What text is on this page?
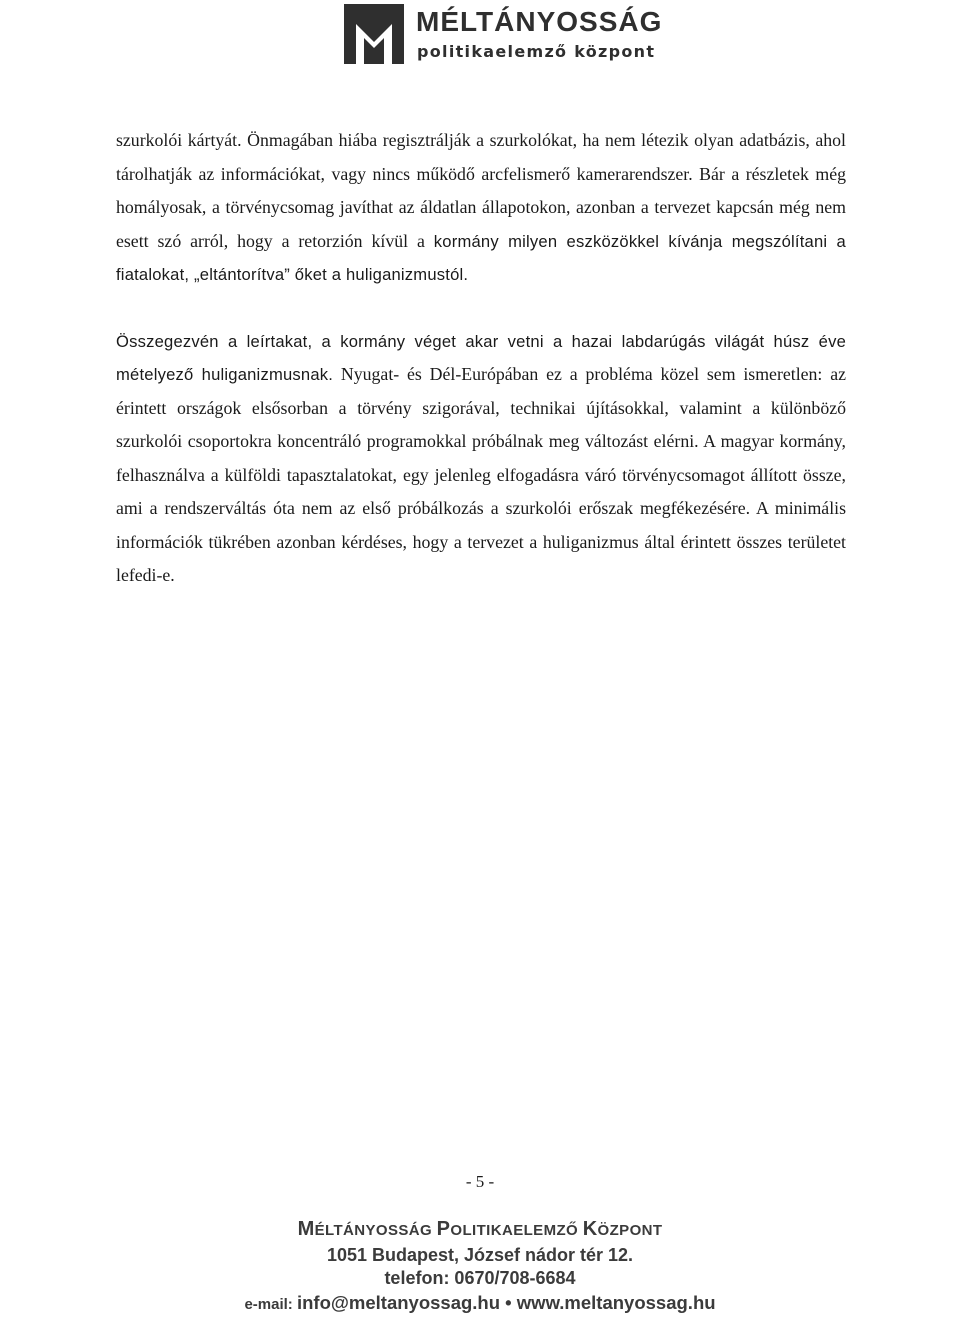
MÉLTÁNYOSSÁG
politikaelemző központ

szurkolói kártyát. Önmagában hiába regisztrálják a szurkolókat, ha nem létezik olyan adatbázis, ahol tárolhatják az információkat, vagy nincs működő arcfelismerő kamerarendszer. Bár a részletek még homályosak, a törvénycsomag javíthat az áldatlan állapotokon, azonban a tervezet kapcsán még nem esett szó arról, hogy a retorzión kívül a kormány milyen eszközökkel kívánja megszólítani a fiatalokat, „eltántorítva” őket a huliganizmustól.

Összegezvén a leírtakat, a kormány véget akar vetni a hazai labdarúgás világát húsz éve mételyező huliganizmusnak. Nyugat- és Dél-Európában ez a probléma közel sem ismeretlen: az érintett országok elsősorban a törvény szigorával, technikai újításokkal, valamint a különböző szurkolói csoportokra koncentráló programokkal próbálnak meg változást elérni. A magyar kormány, felhasználva a külföldi tapasztalatokat, egy jelenleg elfogadásra váró törvénycsomagot állított össze, ami a rendszerváltás óta nem az első próbálkozás a szurkolói erőszak megfékezésére. A minimális információk tükrében azonban kérdéses, hogy a tervezet a huliganizmus által érintett összes területet lefedi-e.

- 5 -
MÉLTÁNYOSSÁG POLITIKAELEMZŐ KÖZPONT
1051 Budapest, József nádor tér 12.
telefon: 0670/708-6684
e-mail: info@meltanyossag.hu • www.meltanyossag.hu
